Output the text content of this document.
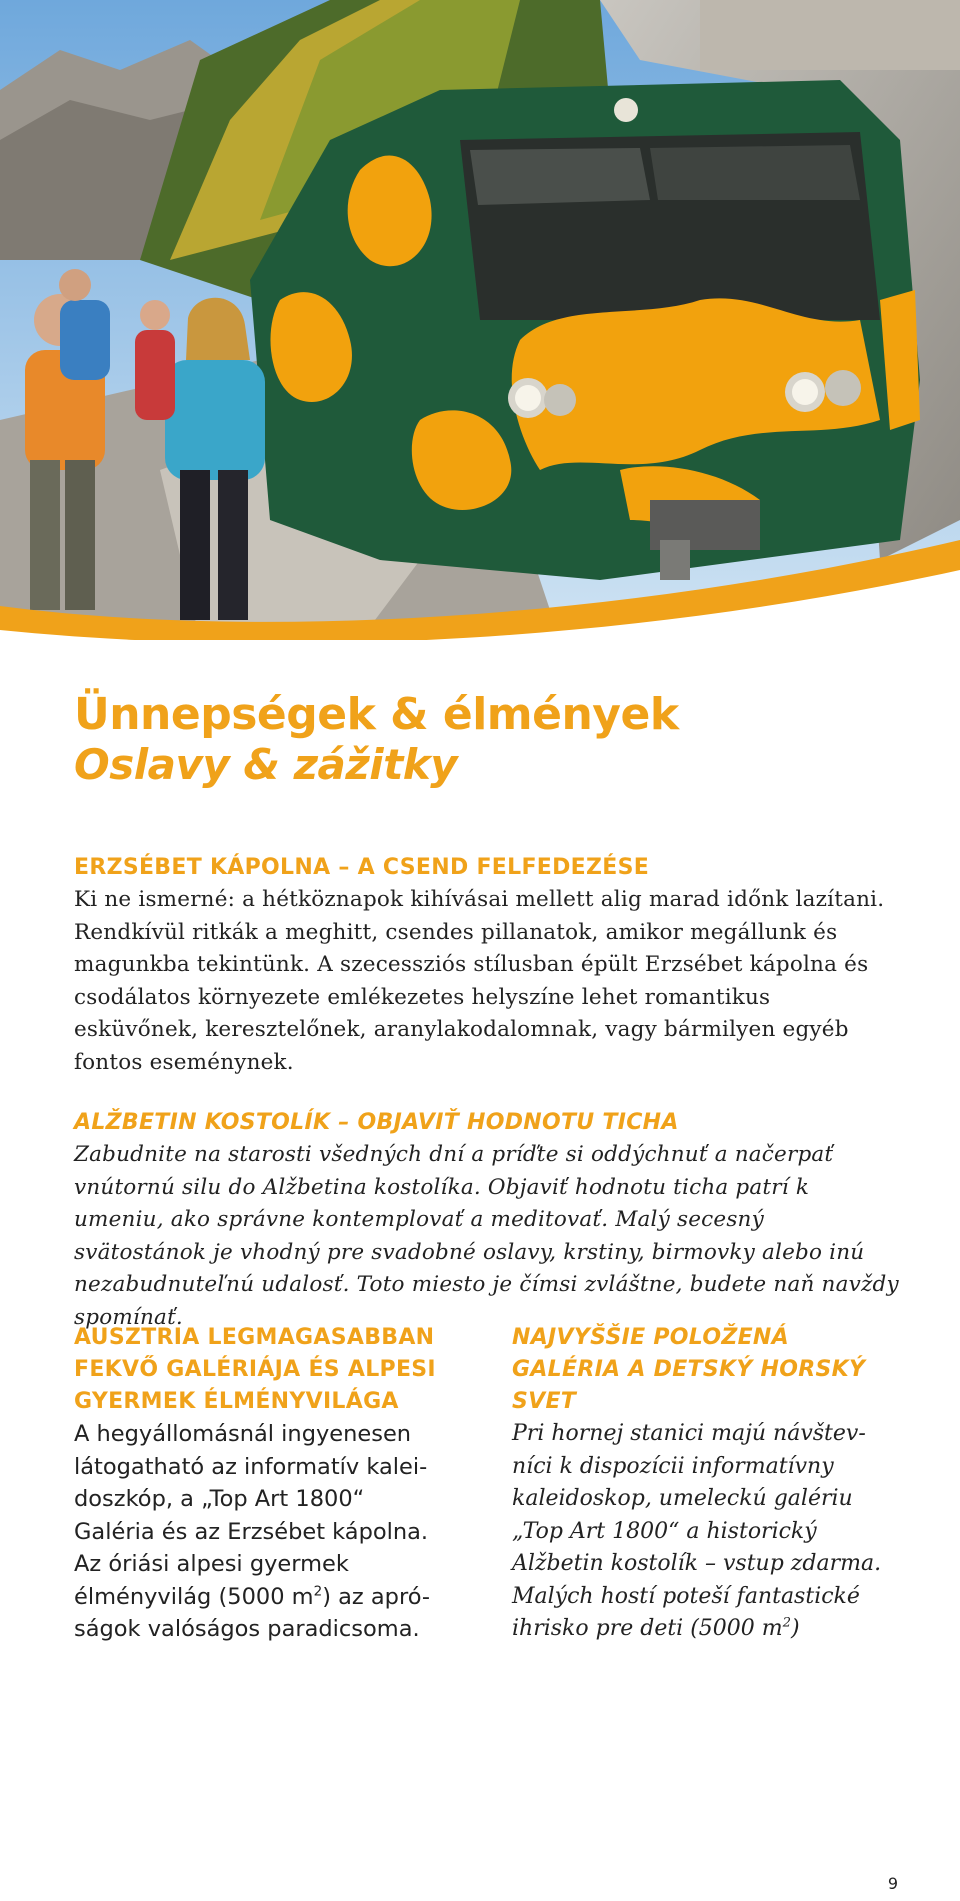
Ünnepségek & élmények
Oslavy & zážitky
ERZSÉBET KÁPOLNA – A CSEND FELFEDEZÉSE

Ki ne ismerné: a hétköznapok kihívásai mellett alig marad időnk lazítani. Rendkívül ritkák a meghitt, csendes pillanatok, amikor megállunk és magunkba tekintünk. A szecessziós stílusban épült Erzsébet kápolna és csodálatos környezete emlékezetes helyszíne lehet romantikus esküvőnek, keresztelőnek, aranylakodalomnak, vagy bármilyen egyéb fontos eseménynek.

ALŽBETIN KOSTOLÍK – OBJAVIŤ HODNOTU TICHA

Zabudnite na starosti všedných dní a príďte si oddýchnuť a načerpať vnútornú silu do Alžbetina kostolíka. Objaviť hodnotu ticha patrí k umeniu, ako správne kontemplovať a meditovať. Malý secesný svätostánok je vhodný pre svadobné oslavy, krstiny, birmovky alebo inú nezabudnuteľnú udalosť. Toto miesto je čímsi zvláštne, budete naň navždy spomínať.

AUSZTRIA LEGMAGASABBAN
FEKVŐ GALÉRIÁJA ÉS ALPESI
GYERMEK ÉLMÉNYVILÁGA

A hegyállomásnál ingyenesen
látogatható az informatív kalei-
doszkóp, a „Top Art 1800“
Galéria és az Erzsébet kápolna.
Az óriási alpesi gyermek
élményvilág (5000 $m^2$) az apró-
ságok valóságos paradicsoma.

NAJVYŠŠIE POLOŽENÁ
GALÉRIA A DETSKÝ HORSKÝ
SVET

Pri hornej stanici majú návštev-
níci k dispozícii informatívny
kaleidoskop, umeleckú galériu
„Top Art 1800“ a historický
Alžbetin kostolík – vstup zdarma.
Malých hostí poteší fantastické
ihrisko pre deti (5000 $m^2$)

9
